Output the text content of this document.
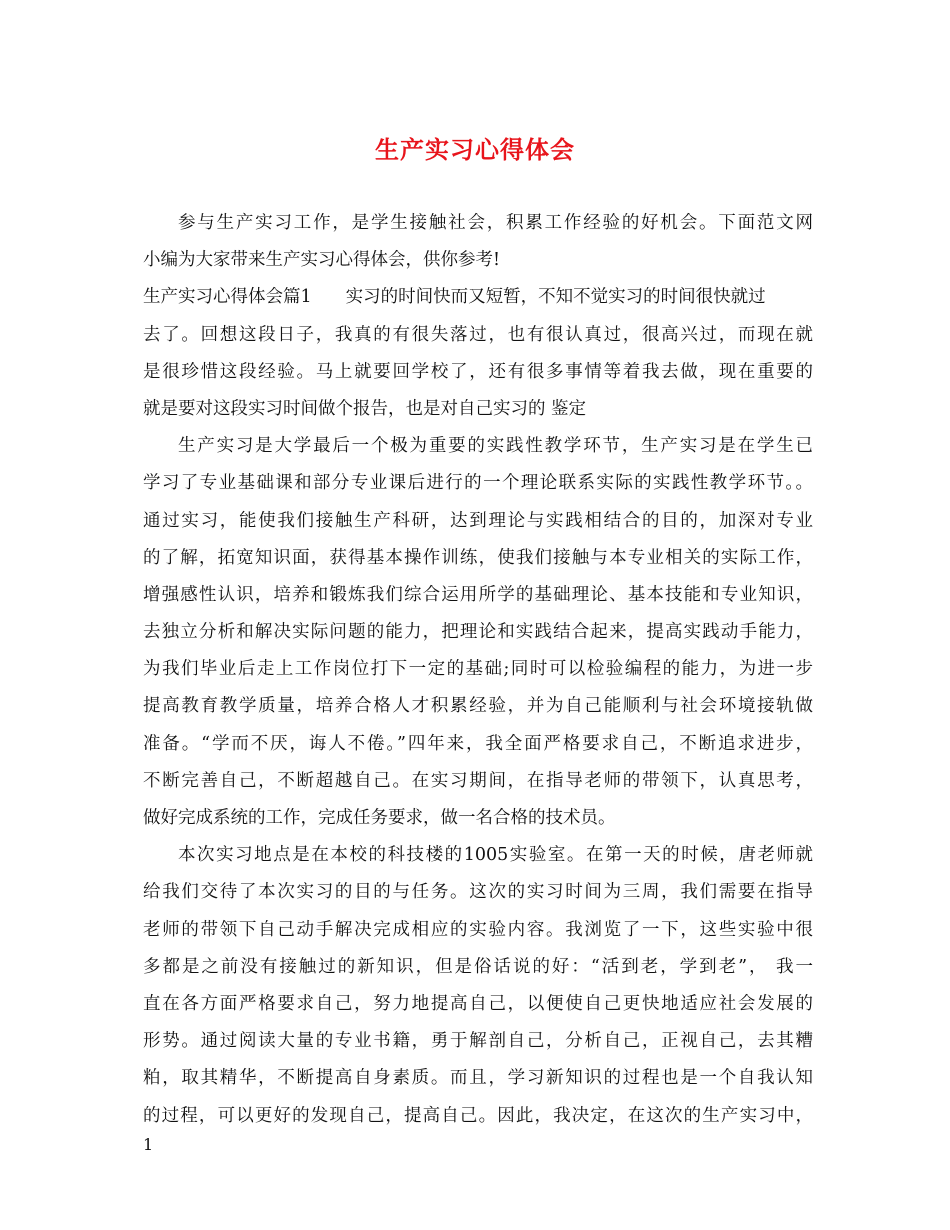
生产实习心得体会
参与生产实习工作，是学生接触社会，积累工作经验的好机会。下面范文网
小编为大家带来生产实习心得体会，供你参考!
生产实习心得体会篇1 实习的时间快而又短暂，不知不觉实习的时间很快就过
去了。回想这段日子，我真的有很失落过，也有很认真过，很高兴过，而现在就
是很珍惜这段经验。马上就要回学校了，还有很多事情等着我去做，现在重要的
就是要对这段实习时间做个报告，也是对自己实习的 鉴定
生产实习是大学最后一个极为重要的实践性教学环节，生产实习是在学生已
学习了专业基础课和部分专业课后进行的一个理论联系实际的实践性教学环节。。
通过实习，能使我们接触生产科研，达到理论与实践相结合的目的，加深对专业
的了解，拓宽知识面，获得基本操作训练，使我们接触与本专业相关的实际工作，
增强感性认识，培养和锻炼我们综合运用所学的基础理论、基本技能和专业知识，
去独立分析和解决实际问题的能力，把理论和实践结合起来，提高实践动手能力，
为我们毕业后走上工作岗位打下一定的基础;同时可以检验编程的能力，为进一步
提高教育教学质量，培养合格人才积累经验，并为自己能顺利与社会环境接轨做
准备。“学而不厌，诲人不倦。”四年来，我全面严格要求自己，不断追求进步，
不断完善自己，不断超越自己。在实习期间，在指导老师的带领下，认真思考，
做好完成系统的工作，完成任务要求，做一名合格的技术员。
本次实习地点是在本校的科技楼的1005实验室。在第一天的时候，唐老师就
给我们交待了本次实习的目的与任务。这次的实习时间为三周，我们需要在指导
老师的带领下自己动手解决完成相应的实验内容。我浏览了一下，这些实验中很
多都是之前没有接触过的新知识，但是俗话说的好：“活到老，学到老”， 我一
直在各方面严格要求自己，努力地提高自己，以便使自己更快地适应社会发展的
形势。通过阅读大量的专业书籍，勇于解剖自己，分析自己，正视自己，去其糟
粕，取其精华，不断提高自身素质。而且，学习新知识的过程也是一个自我认知
的过程，可以更好的发现自己，提高自己。因此，我决定，在这次的生产实习中，
1
